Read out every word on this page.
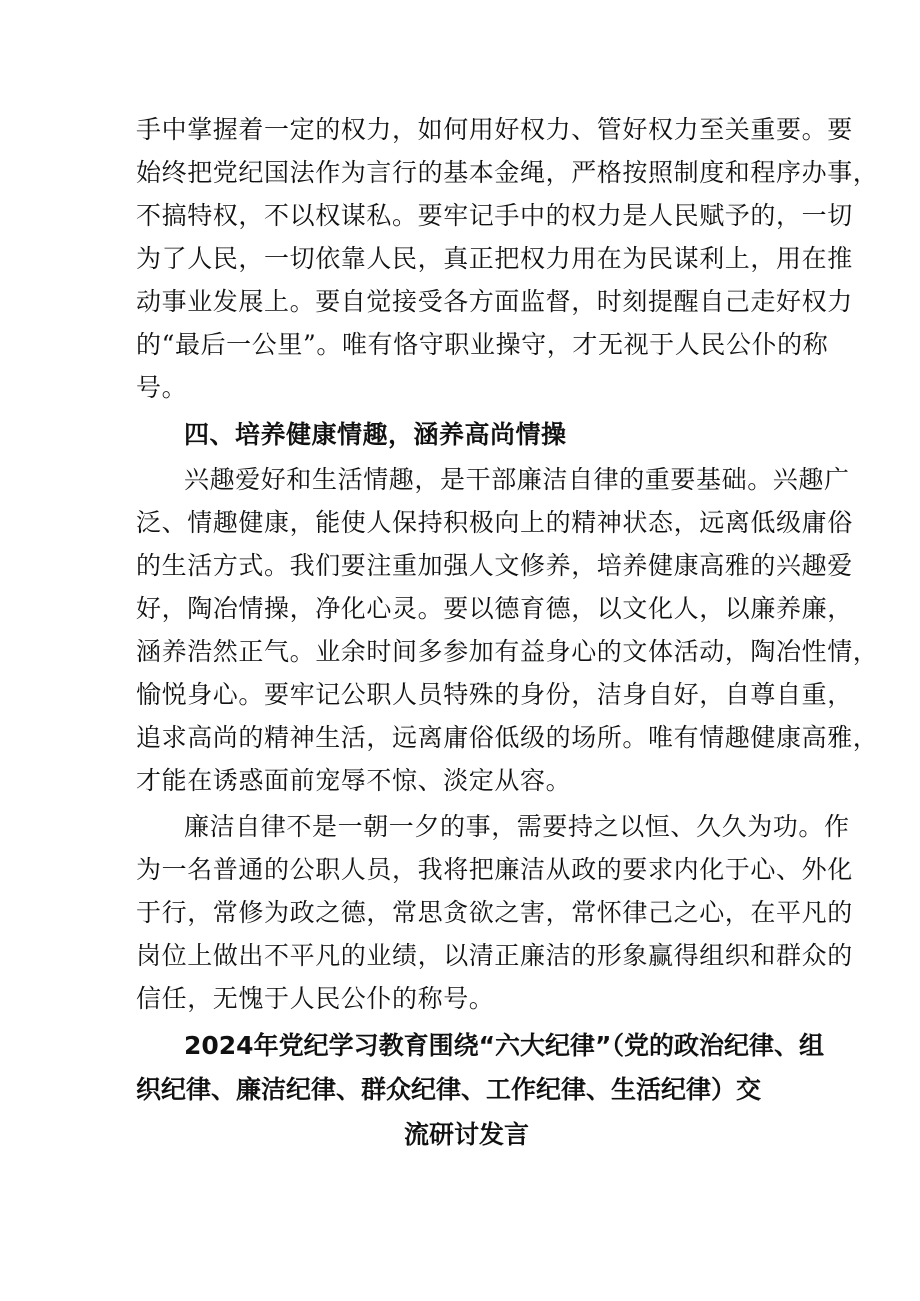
手中掌握着一定的权力，如何用好权力、管好权力至关重要。要
始终把党纪国法作为言行的基本金绳，严格按照制度和程序办事，
不搞特权，不以权谋私。要牢记手中的权力是人民赋予的，一切
为了人民，一切依靠人民，真正把权力用在为民谋利上，用在推
动事业发展上。要自觉接受各方面监督，时刻提醒自己走好权力
的“最后一公里”。唯有恪守职业操守，才无视于人民公仆的称
号。
四、培养健康情趣，涵养高尚情操
兴趣爱好和生活情趣，是干部廉洁自律的重要基础。兴趣广
泛、情趣健康，能使人保持积极向上的精神状态，远离低级庸俗
的生活方式。我们要注重加强人文修养，培养健康高雅的兴趣爱
好，陶冶情操，净化心灵。要以德育德，以文化人，以廉养廉，
涵养浩然正气。业余时间多参加有益身心的文体活动，陶冶性情，
愉悦身心。要牢记公职人员特殊的身份，洁身自好，自尊自重，
追求高尚的精神生活，远离庸俗低级的场所。唯有情趣健康高雅，
才能在诱惑面前宠辱不惊、淡定从容。
廉洁自律不是一朝一夕的事，需要持之以恒、久久为功。作
为一名普通的公职人员，我将把廉洁从政的要求内化于心、外化
于行，常修为政之德，常思贪欲之害，常怀律己之心，在平凡的
岗位上做出不平凡的业绩，以清正廉洁的形象赢得组织和群众的
信任，无愧于人民公仆的称号。
2024年党纪学习教育围绕“六大纪律”（党的政治纪律、组
织纪律、廉洁纪律、群众纪律、工作纪律、生活纪律）交
流研讨发言
